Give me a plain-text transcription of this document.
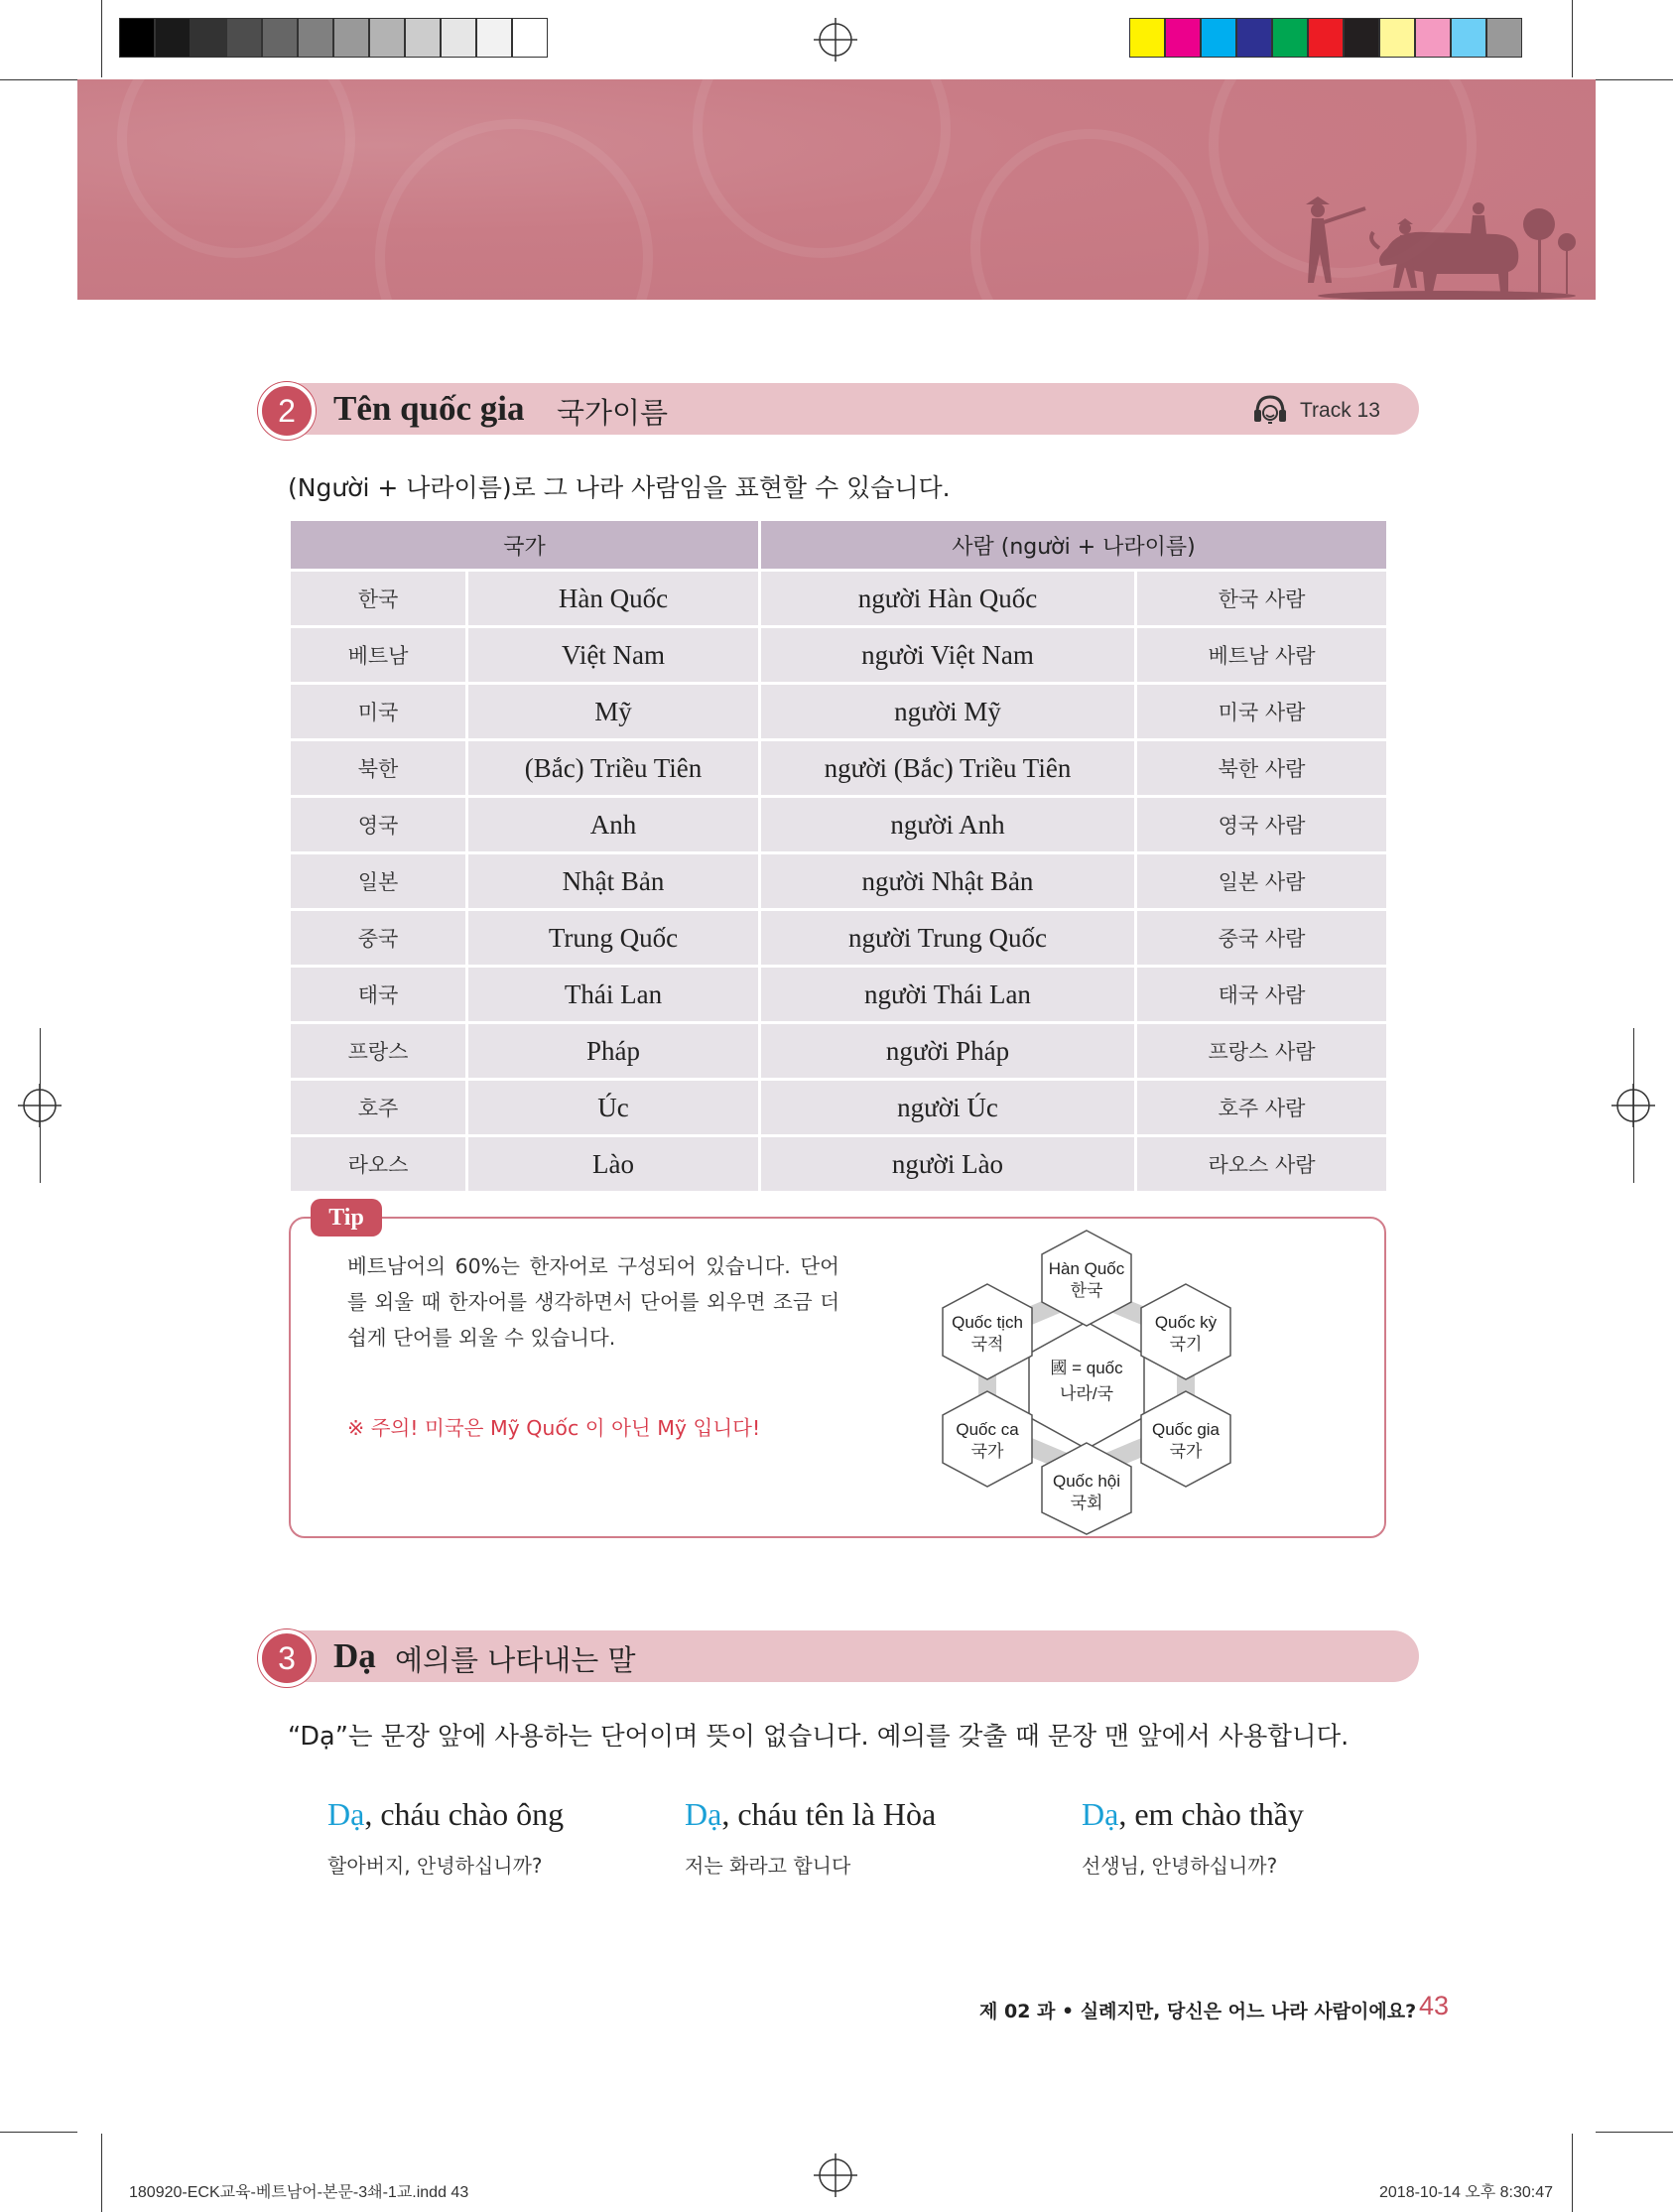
2	Tên quốc gia 국가이름	Track 13
(Người + 나라이름)로 그 나라 사람임을 표현할 수 있습니다.
국가		사람 (người + 나라이름)	
한국	Hàn Quốc	người Hàn Quốc	한국 사람
베트남	Việt Nam	người Việt Nam	베트남 사람
미국	Mỹ	người Mỹ	미국 사람
북한	(Bắc) Triều Tiên	người (Bắc) Triều Tiên	북한 사람
영국	Anh	người Anh	영국 사람
일본	Nhật Bản	người Nhật Bản	일본 사람
중국	Trung Quốc	người Trung Quốc	중국 사람
태국	Thái Lan	người Thái Lan	태국 사람
프랑스	Pháp	người Pháp	프랑스 사람
호주	Úc	người Úc	호주 사람
라오스	Lào	người Lào	라오스 사람
Tip
베트남어의 60%는 한자어로 구성되어 있습니다. 단어를 외울 때 한자어를 생각하면서 단어를 외우면 조금 더 쉽게 단어를 외울 수 있습니다.
※ 주의! 미국은 Mỹ Quốc 이 아닌 Mỹ 입니다!
國 = quốc
나라/국
Hàn Quốc
한국
Quốc tịch
국적
Quốc kỳ
국기
Quốc ca
국가
Quốc gia
국가
Quốc hội
국회
3	Dạ 예의를 나타내는 말
“Dạ”는 문장 앞에 사용하는 단어이며 뜻이 없습니다. 예의를 갖출 때 문장 맨 앞에서 사용합니다.
Dạ, cháu chào ông
할아버지, 안녕하십니까?
Dạ, cháu tên là Hòa
저는 화라고 합니다
Dạ, em chào thầy
선생님, 안녕하십니까?
제 02 과 • 실례지만, 당신은 어느 나라 사람이에요? 43
180920-ECK교육-베트남어-본문-3쇄-1교.indd 43	2018-10-14 오후 8:30:47
